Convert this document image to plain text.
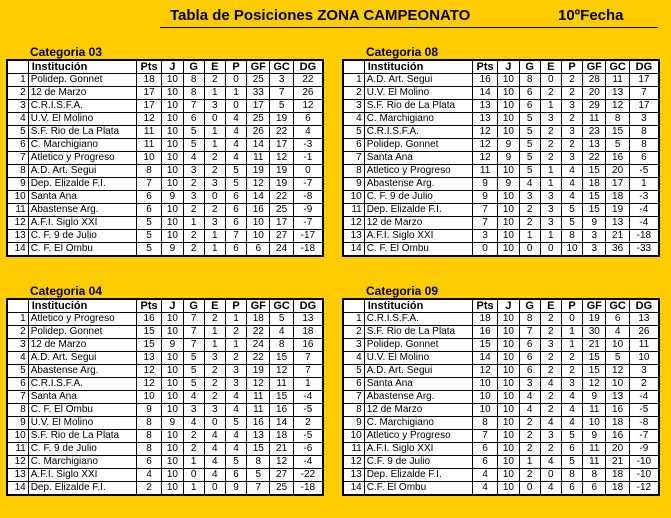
Tabla de Posiciones ZONA CAMPEONATO	10ºFecha
Categoria 03
	Institución	Pts	J	G	E	P	GF	GC	DG
1	Polidep. Gonnet	18	10	8	2	0	25	3	22
2	12 de Marzo	17	10	8	1	1	33	7	26
3	C.R.I.S.F.A.	17	10	7	3	0	17	5	12
4	U.V. El Molino	12	10	6	0	4	25	19	6
5	S.F. Rio de La Plata	11	10	5	1	4	26	22	4
6	C. Marchigiano	11	10	5	1	4	14	17	-3
7	Atletico y Progreso	10	10	4	2	4	11	12	-1
8	A.D. Art. Segui	8	10	3	2	5	19	19	0
9	Dep. Elizalde F.I.	7	10	2	3	5	12	19	-7
10	Santa Ana	6	9	3	0	6	14	22	-8
11	Abastense Arg.	6	10	2	2	6	16	25	-9
12	A.F.I. Siglo XXI	5	10	1	3	6	10	17	-7
13	C. F. 9 de Julio	5	10	2	1	7	10	27	-17
14	C. F. El Ombu	5	9	2	1	6	6	24	-18
Categoria 08
	Institución	Pts	J	G	E	P	GF	GC	DG
1	A.D. Art. Segui	16	10	8	0	2	28	11	17
2	U.V. El Molino	14	10	6	2	2	20	13	7
3	S.F. Rio de La Plata	13	10	6	1	3	29	12	17
4	C. Marchigiano	13	10	5	3	2	11	8	3
5	C.R.I.S.F.A.	12	10	5	2	3	23	15	8
6	Polidep. Gonnet	12	9	5	2	2	13	5	8
7	Santa Ana	12	9	5	2	3	22	16	6
8	Atletico y Progreso	11	10	5	1	4	15	20	-5
9	Abastense Arg.	9	9	4	1	4	18	17	1
10	C. F. 9 de Julio	9	10	3	3	4	15	18	-3
11	Dep. Elizalde F.I.	7	10	2	3	5	15	19	-4
12	12 de Marzo	7	10	2	3	5	9	13	-4
13	A.F.I. Siglo XXI	3	10	1	1	8	3	21	-18
14	C. F. El Ombu	0	10	0	0	10	3	36	-33
Categoria 04
	Institución	Pts	J	G	E	P	GF	GC	DG
1	Atletico y Progreso	16	10	7	2	1	18	5	13
2	Polidep. Gonnet	15	10	7	1	2	22	4	18
3	12 de Marzo	15	9	7	1	1	24	8	16
4	A.D. Art. Segui	13	10	5	3	2	22	15	7
5	Abastense Arg.	12	10	5	2	3	19	12	7
6	C.R.I.S.F.A.	12	10	5	2	3	12	11	1
7	Santa Ana	10	10	4	2	4	11	15	-4
8	C. F. El Ombu	9	10	3	3	4	11	16	-5
9	U.V. El Molino	8	9	4	0	5	16	14	2
10	S.F. Rio de La Plata	8	10	2	4	4	13	18	-5
11	C. F. 9 de Julio	8	10	2	4	4	15	21	-6
12	C. Marchigiano	6	10	1	4	5	8	12	-4
13	A.F.I. Siglo XXI	4	10	0	4	6	5	27	-22
14	Dep. Elizalde F.I.	2	10	1	0	9	7	25	-18
Categoria 09
	Institución	Pts	J	G	E	P	GF	GC	DG
1	C.R.I.S.F.A.	18	10	8	2	0	19	6	13
2	S.F. Rio de La Plata	16	10	7	2	1	30	4	26
3	Polidep. Gonnet	15	10	6	3	1	21	10	11
4	U.V. El Molino	14	10	6	2	2	15	5	10
5	A.D. Art. Segui	12	10	6	2	2	15	12	3
6	Santa Ana	10	10	3	4	3	12	10	2
7	Abastense Arg.	10	10	4	2	4	9	13	-4
8	12 de Marzo	10	10	4	2	4	11	16	-5
9	C. Marchigiano	8	10	2	4	4	10	18	-8
10	Atletico y Progreso	7	10	2	3	5	9	16	-7
11	A.F.I. Siglo XXI	6	10	2	2	6	11	20	-9
12	C.F. 9 de Julio	6	10	1	4	5	11	21	-10
13	Dep. Elizalde F.I.	4	10	2	0	8	8	18	-10
14	C.F. El Ombu	4	10	0	4	6	6	18	-12
